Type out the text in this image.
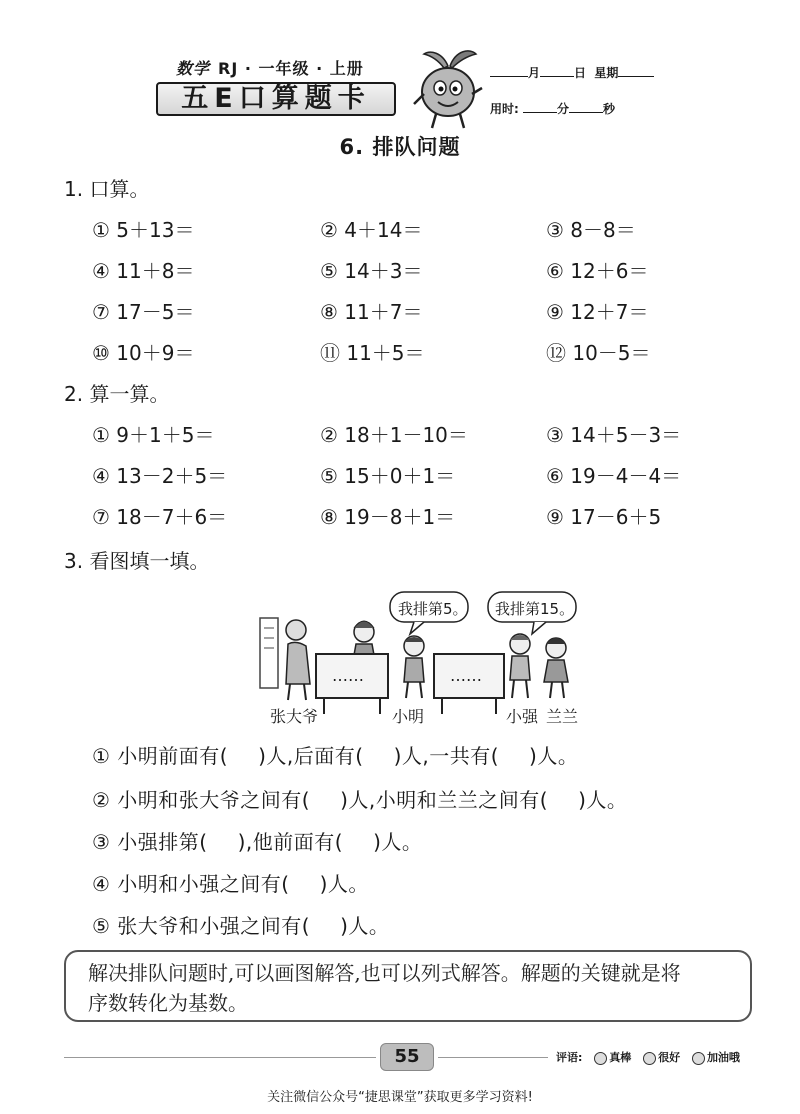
数学 RJ · 一年级 · 上册
五E口算题卡
月	日 星期
用时:	分	秒
6. 排队问题
1. 口算。
① 5＋13＝	② 4＋14＝	③ 8－8＝
④ 11＋8＝	⑤ 14＋3＝	⑥ 12＋6＝
⑦ 17－5＝	⑧ 11＋7＝	⑨ 12＋7＝
⑩ 10＋9＝	⑪ 11＋5＝	⑫ 10－5＝
2. 算一算。
① 9＋1＋5＝	② 18＋1－10＝	③ 14＋5－3＝
④ 13－2＋5＝	⑤ 15＋0＋1＝	⑥ 19－4－4＝
⑦ 18－7＋6＝	⑧ 19－8＋1＝	⑨ 17－6＋5
3. 看图填一填。
我排第5。 我排第15。
……	……
张大爷	小明	小强 兰兰
① 小明前面有( )人,后面有( )人,一共有( )人。
② 小明和张大爷之间有( )人,小明和兰兰之间有( )人。
③ 小强排第( ),他前面有( )人。
④ 小明和小强之间有( )人。
⑤ 张大爷和小强之间有( )人。
解决排队问题时,可以画图解答,也可以列式解答。解题的关键就是将
序数转化为基数。
55	评语: 真棒 很好 加油哦
关注微信公众号“捷思课堂”获取更多学习资料!
